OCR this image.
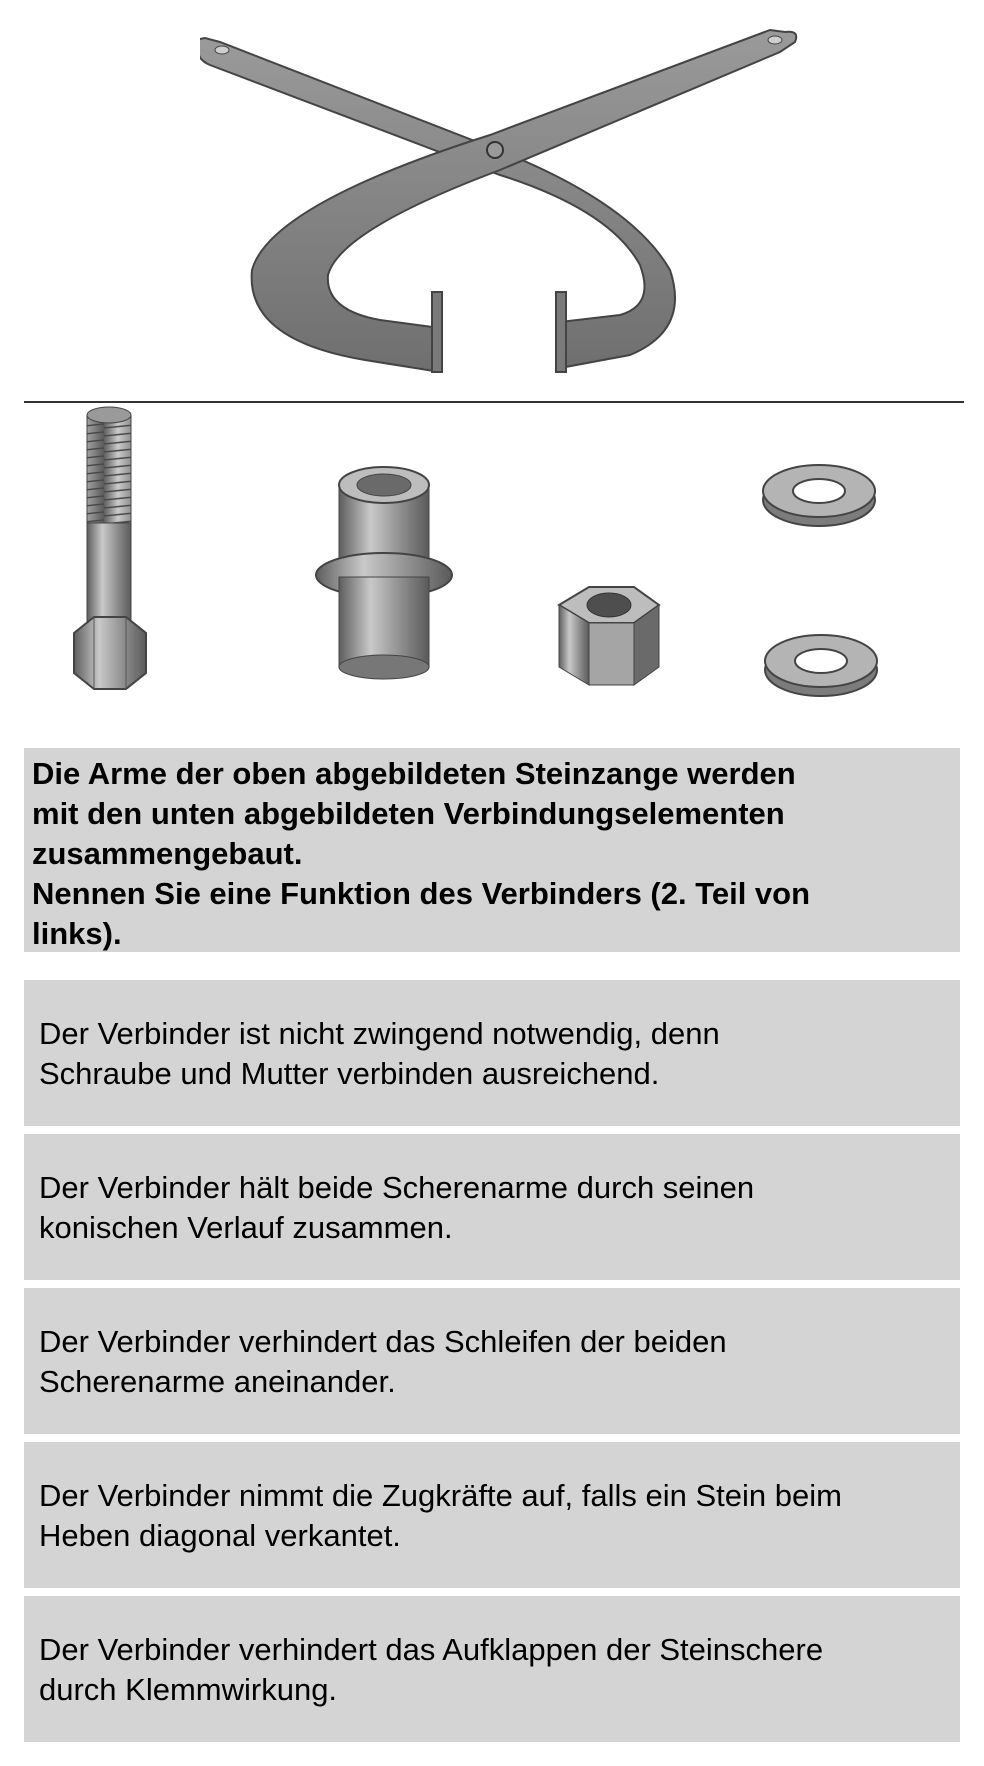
Die Arme der oben abgebildeten Steinzange werden

mit den unten abgebildeten Verbindungselementen

zusammengebaut.

Nennen Sie eine Funktion des Verbinders (2. Teil von

links).

Der Verbinder ist nicht zwingend notwendig, denn

Schraube und Mutter verbinden ausreichend.

Der Verbinder hält beide Scherenarme durch seinen

konischen Verlauf zusammen.

Der Verbinder verhindert das Schleifen der beiden

Scherenarme aneinander.

Der Verbinder nimmt die Zugkräfte auf, falls ein Stein beim

Heben diagonal verkantet.

Der Verbinder verhindert das Aufklappen der Steinschere

durch Klemmwirkung.
